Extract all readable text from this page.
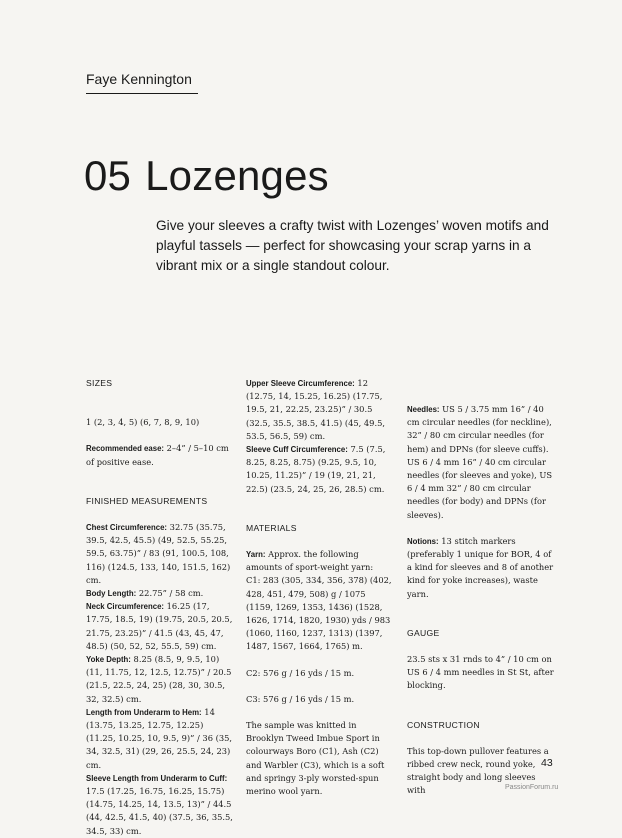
Faye Kennington
05 Lozenges
Give your sleeves a crafty twist with Lozenges’ woven motifs and playful tassels — perfect for showcasing your scrap yarns in a vibrant mix or a single standout colour.

SIZES

1 (2, 3, 4, 5) (6, 7, 8, 9, 10)

Recommended ease: 2–4” / 5–10 cm of positive ease.

FINISHED MEASUREMENTS

Chest Circumference: 32.75 (35.75, 39.5, 42.5, 45.5) (49, 52.5, 55.25, 59.5, 63.75)” / 83 (91, 100.5, 108, 116) (124.5, 133, 140, 151.5, 162) cm.

Body Length: 22.75” / 58 cm.

Neck Circumference: 16.25 (17, 17.75, 18.5, 19) (19.75, 20.5, 20.5, 21.75, 23.25)” / 41.5 (43, 45, 47, 48.5) (50, 52, 52, 55.5, 59) cm.

Yoke Depth: 8.25 (8.5, 9, 9.5, 10) (11, 11.75, 12, 12.5, 12.75)” / 20.5 (21.5, 22.5, 24, 25) (28, 30, 30.5, 32, 32.5) cm.

Length from Underarm to Hem: 14 (13.75, 13.25, 12.75, 12.25) (11.25, 10.25, 10, 9.5, 9)” / 36 (35, 34, 32.5, 31) (29, 26, 25.5, 24, 23) cm.

Sleeve Length from Underarm to Cuff: 17.5 (17.25, 16.75, 16.25, 15.75) (14.75, 14.25, 14, 13.5, 13)” / 44.5 (44, 42.5, 41.5, 40) (37.5, 36, 35.5, 34.5, 33) cm.

Upper Sleeve Circumference: 12 (12.75, 14, 15.25, 16.25) (17.75, 19.5, 21, 22.25, 23.25)” / 30.5 (32.5, 35.5, 38.5, 41.5) (45, 49.5, 53.5, 56.5, 59) cm.

Sleeve Cuff Circumference: 7.5 (7.5, 8.25, 8.25, 8.75) (9.25, 9.5, 10, 10.25, 11.25)” / 19 (19, 21, 21, 22.5) (23.5, 24, 25, 26, 28.5) cm.

MATERIALS

Yarn: Approx. the following amounts of sport-weight yarn:

C1: 283 (305, 334, 356, 378) (402, 428, 451, 479, 508) g / 1075 (1159, 1269, 1353, 1436) (1528, 1626, 1714, 1820, 1930) yds / 983 (1060, 1160, 1237, 1313) (1397, 1487, 1567, 1664, 1765) m.

C2: 576 g / 16 yds / 15 m.

C3: 576 g / 16 yds / 15 m.

The sample was knitted in Brooklyn Tweed Imbue Sport in colourways Boro (C1), Ash (C2) and Warbler (C3), which is a soft and springy 3-ply worsted-spun merino wool yarn.

Needles: US 5 / 3.75 mm 16” / 40 cm circular needles (for neckline), 32” / 80 cm circular needles (for hem) and DPNs (for sleeve cuffs). US 6 / 4 mm 16” / 40 cm circular needles (for sleeves and yoke), US 6 / 4 mm 32” / 80 cm circular needles (for body) and DPNs (for sleeves).

Notions: 13 stitch markers (preferably 1 unique for BOR, 4 of a kind for sleeves and 8 of another kind for yoke increases), waste yarn.

GAUGE

23.5 sts x 31 rnds to 4” / 10 cm on US 6 / 4 mm needles in St St, after blocking.

CONSTRUCTION

This top-down pullover features a ribbed crew neck, round yoke, straight body and long sleeves with

43
PassionForum.ru
